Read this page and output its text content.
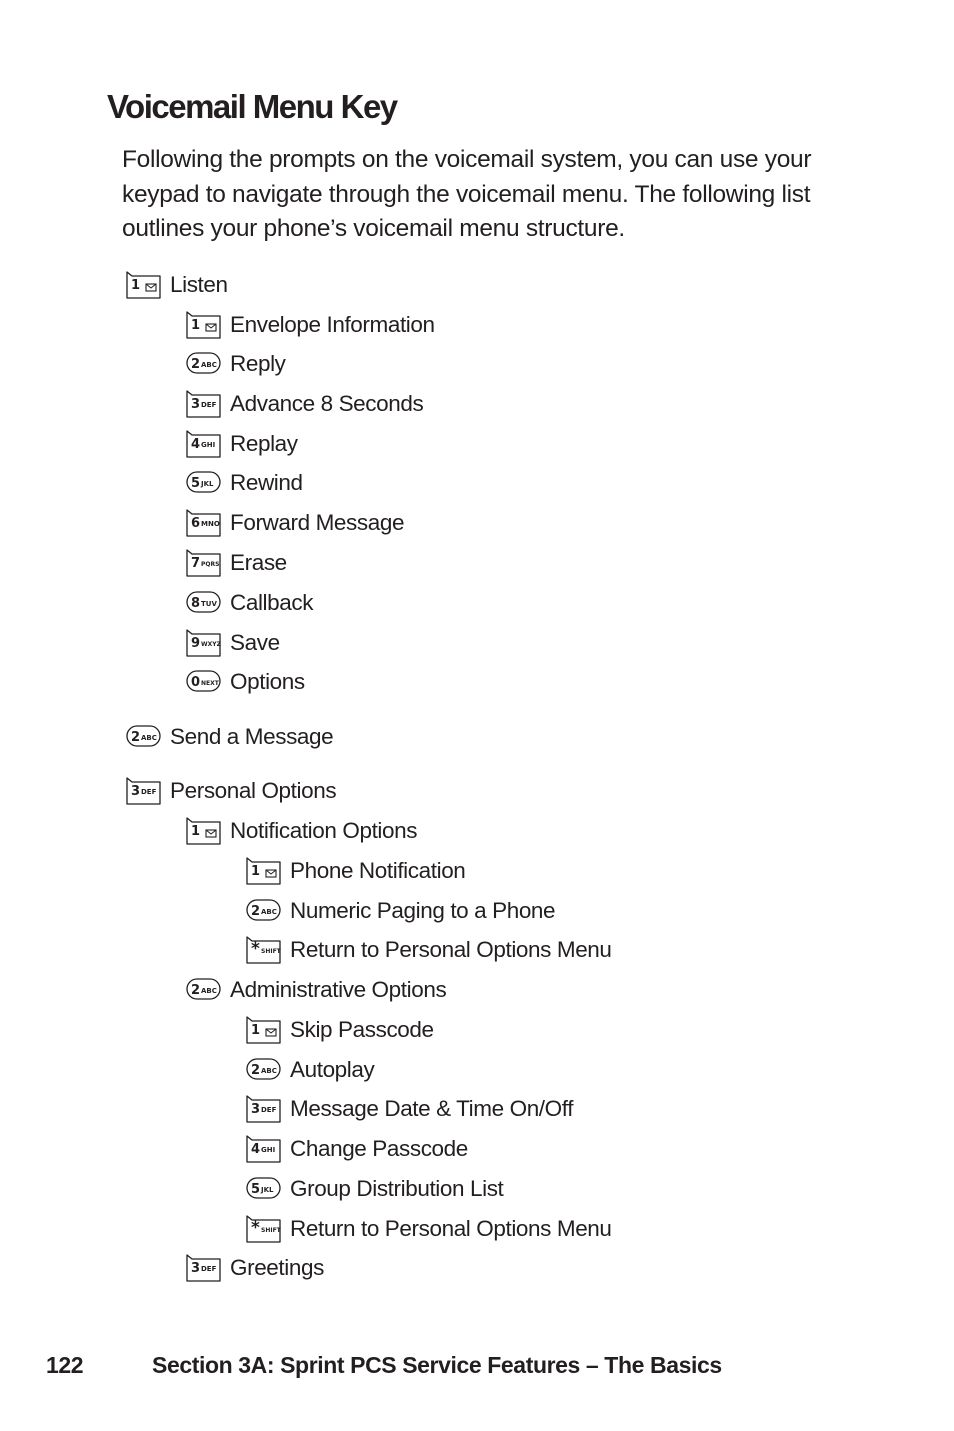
Voicemail Menu Key

Following the prompts on the voicemail system, you can use your keypad to navigate through the voicemail menu. The following list outlines your phone’s voicemail menu structure.

1 Listen
1 Envelope Information
2 ABC Reply
3 DEF Advance 8 Seconds
4 GHI Replay
5 JKL Rewind
6 MNO Forward Message
7 PQRS Erase
8 TUV Callback
9 WXYZ Save
0 NEXT Options
2 ABC Send a Message
3 DEF Personal Options
1 Notification Options
1 Phone Notification
2 ABC Numeric Paging to a Phone
* SHIFT Return to Personal Options Menu
2 ABC Administrative Options
1 Skip Passcode
2 ABC Autoplay
3 DEF Message Date & Time On/Off
4 GHI Change Passcode
5 JKL Group Distribution List
* SHIFT Return to Personal Options Menu
3 DEF Greetings
122	Section 3A: Sprint PCS Service Features – The Basics
